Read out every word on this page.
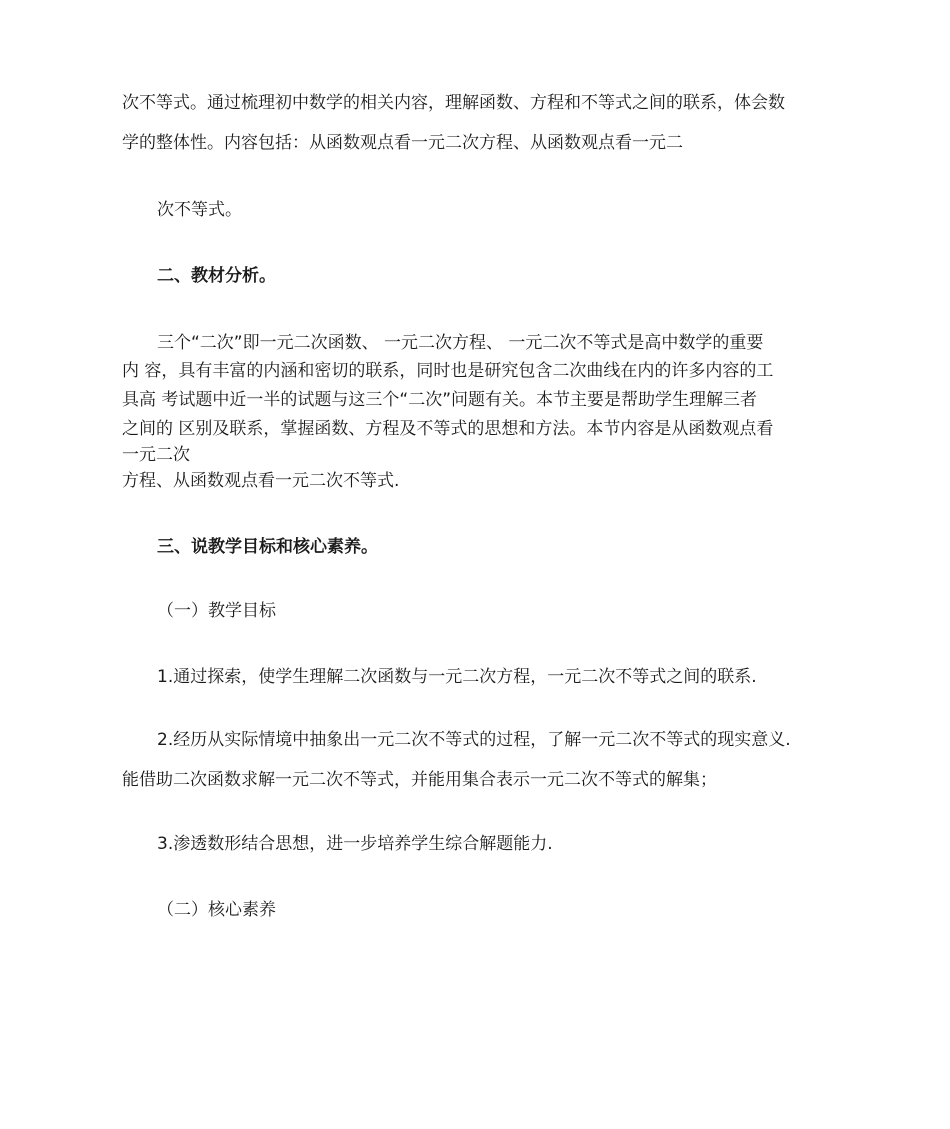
次不等式。通过梳理初中数学的相关内容，理解函数、方程和不等式之间的联系，体会数
学的整体性。内容包括：从函数观点看一元二次方程、从函数观点看一元二
次不等式。
二、教材分析。
三个“二次”即一元二次函数、 一元二次方程、 一元二次不等式是高中数学的重要
内 容，具有丰富的内涵和密切的联系，同时也是研究包含二次曲线在内的许多内容的工
具高 考试题中近一半的试题与这三个“二次”问题有关。本节主要是帮助学生理解三者
之间的 区别及联系，掌握函数、方程及不等式的思想和方法。本节内容是从函数观点看
一元二次
方程、从函数观点看一元二次不等式.
三、说教学目标和核心素养。
（一）教学目标
1.通过探索，使学生理解二次函数与一元二次方程，一元二次不等式之间的联系.
2.经历从实际情境中抽象出一元二次不等式的过程，了解一元二次不等式的现实意义.
能借助二次函数求解一元二次不等式，并能用集合表示一元二次不等式的解集；
3.渗透数形结合思想，进一步培养学生综合解题能力.
（二）核心素养
